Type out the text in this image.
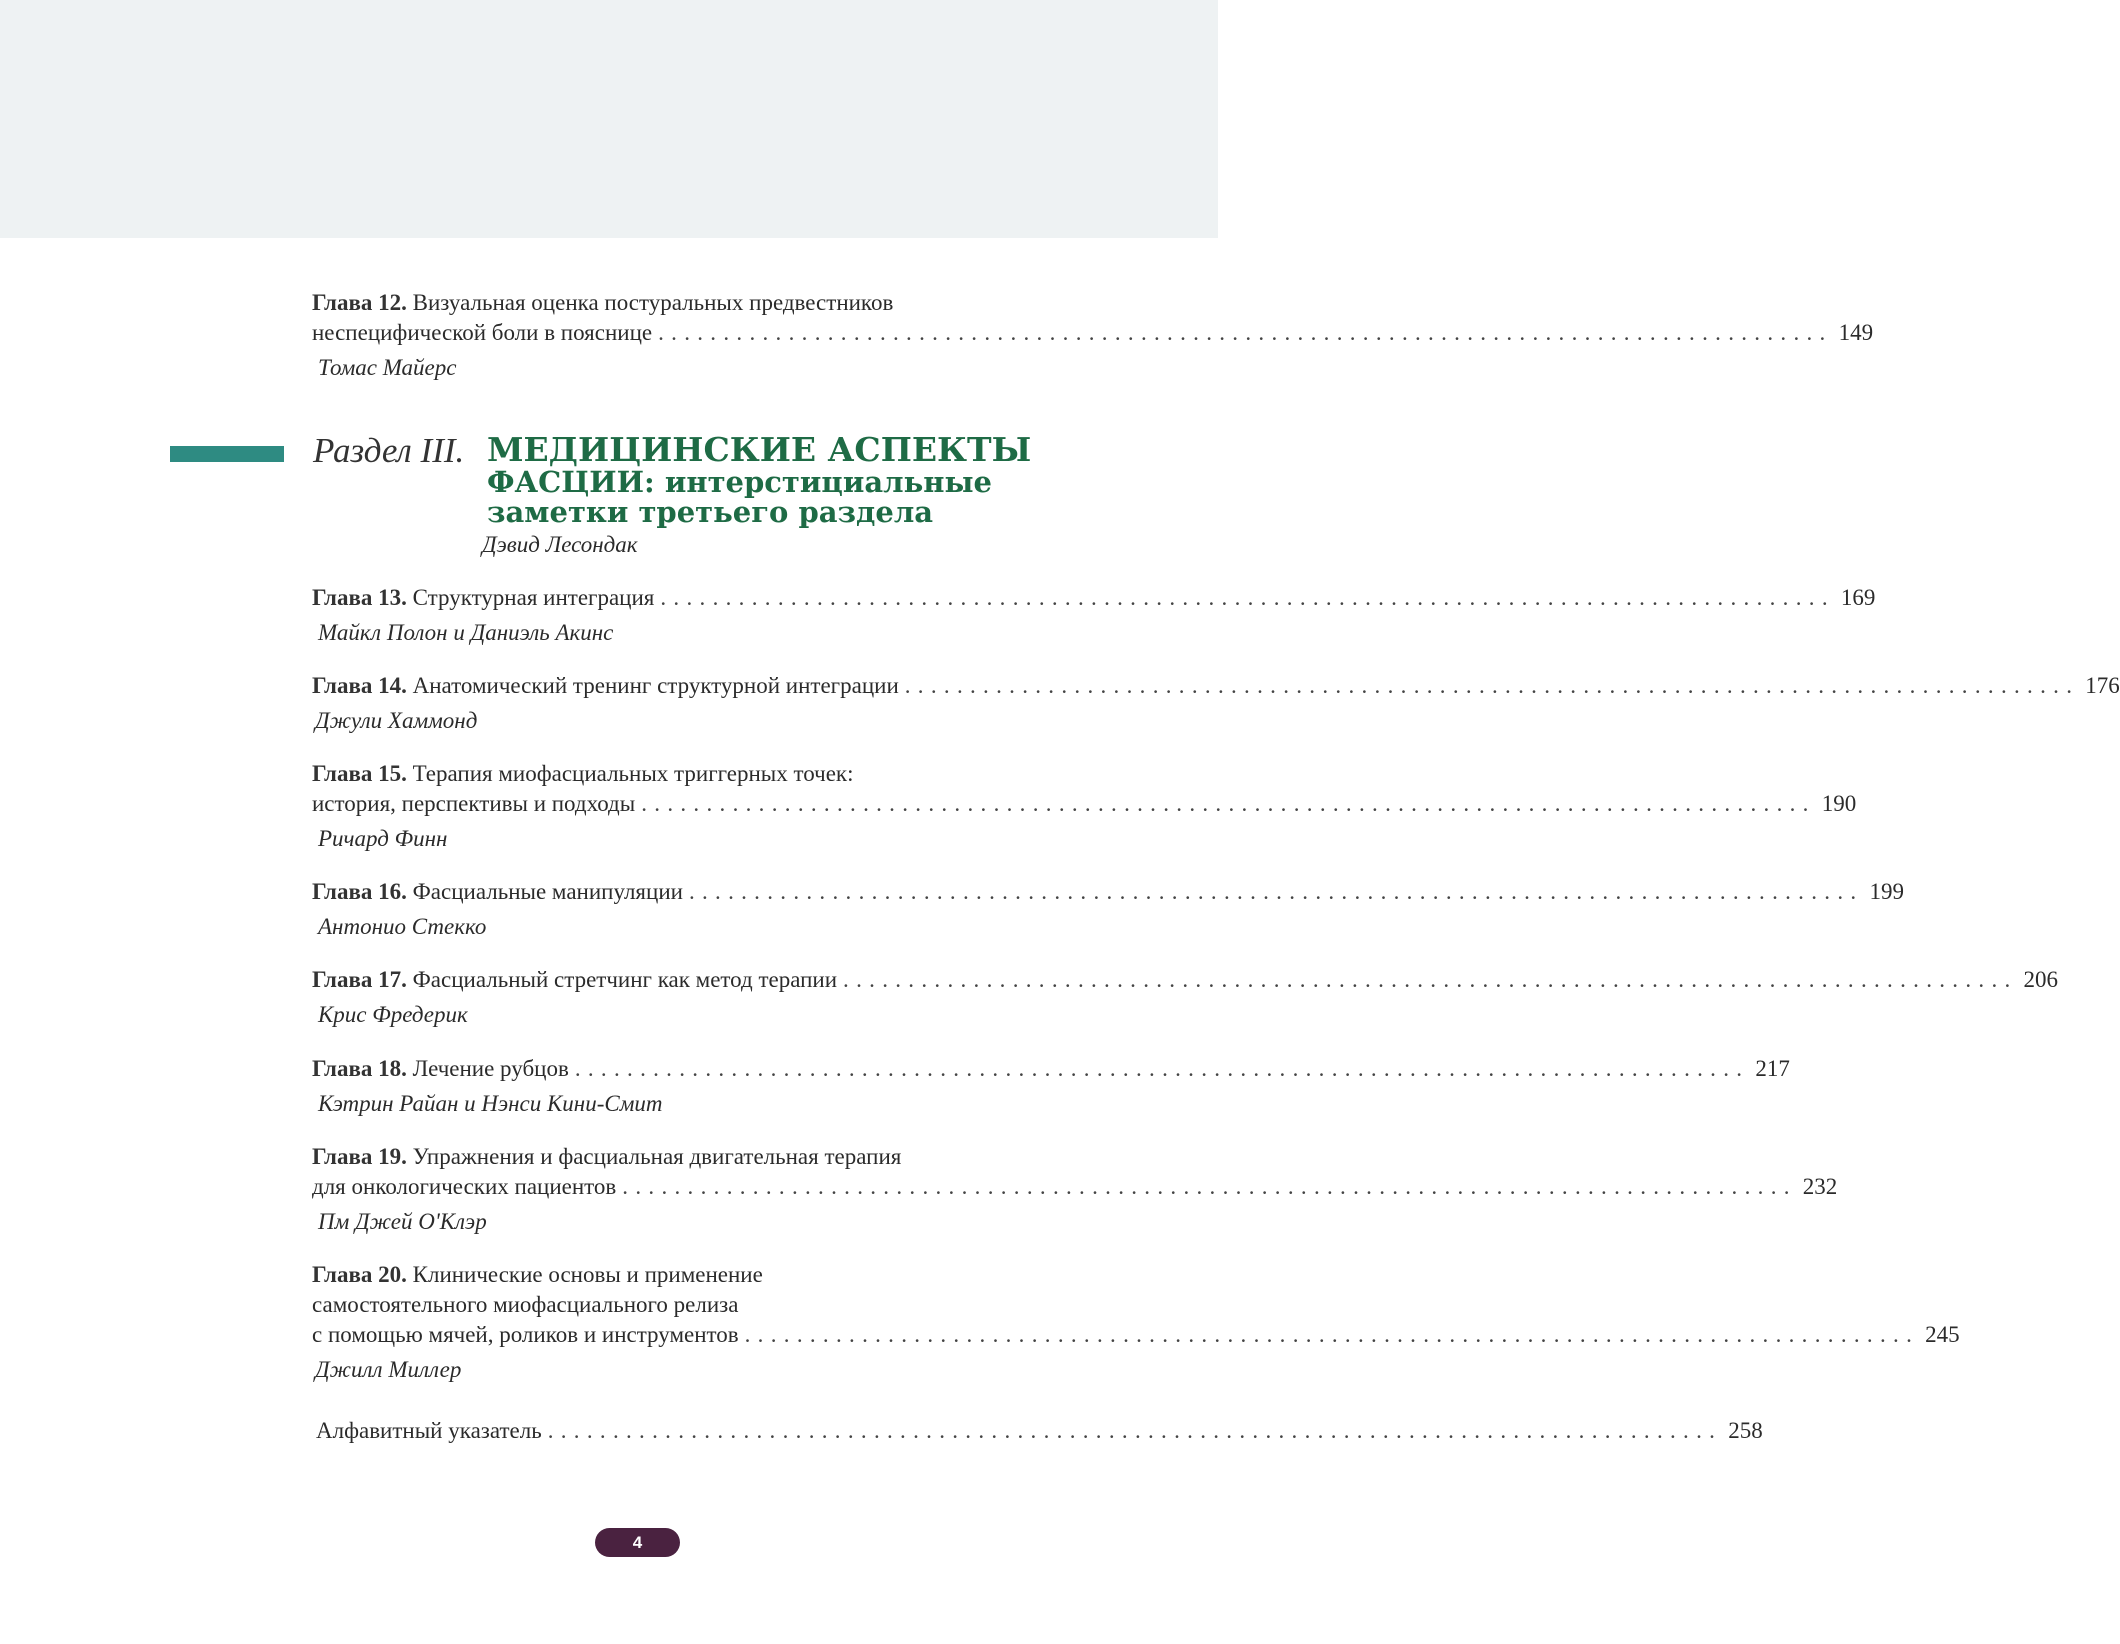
Глава 12. Визуальная оценка постуральных предвестников
неспецифической боли в пояснице .......................................................................................... 149
Томас Майерс
Раздел III. МЕДИЦИНСКИЕ АСПЕКТЫ
ФАСЦИИ: интерстициальные
заметки третьего раздела
Дэвид Лесондак
Глава 13. Структурная интеграция .......................................................................................... 169
Майкл Полон и Даниэль Акинс
Глава 14. Анатомический тренинг структурной интеграции .......................................................................................... 176
Джули Хаммонд
Глава 15. Терапия миофасциальных триггерных точек:
история, перспективы и подходы .......................................................................................... 190
Ричард Финн
Глава 16. Фасциальные манипуляции .......................................................................................... 199
Антонио Стекко
Глава 17. Фасциальный стретчинг как метод терапии .......................................................................................... 206
Крис Фредерик
Глава 18. Лечение рубцов .......................................................................................... 217
Кэтрин Райан и Нэнси Кини-Смит
Глава 19. Упражнения и фасциальная двигательная терапия
для онкологических пациентов .......................................................................................... 232
Пм Джей О'Клэр
Глава 20. Клинические основы и применение
самостоятельного миофасциального релиза
с помощью мячей, роликов и инструментов .......................................................................................... 245
Джилл Миллер
Алфавитный указатель .......................................................................................... 258
4
